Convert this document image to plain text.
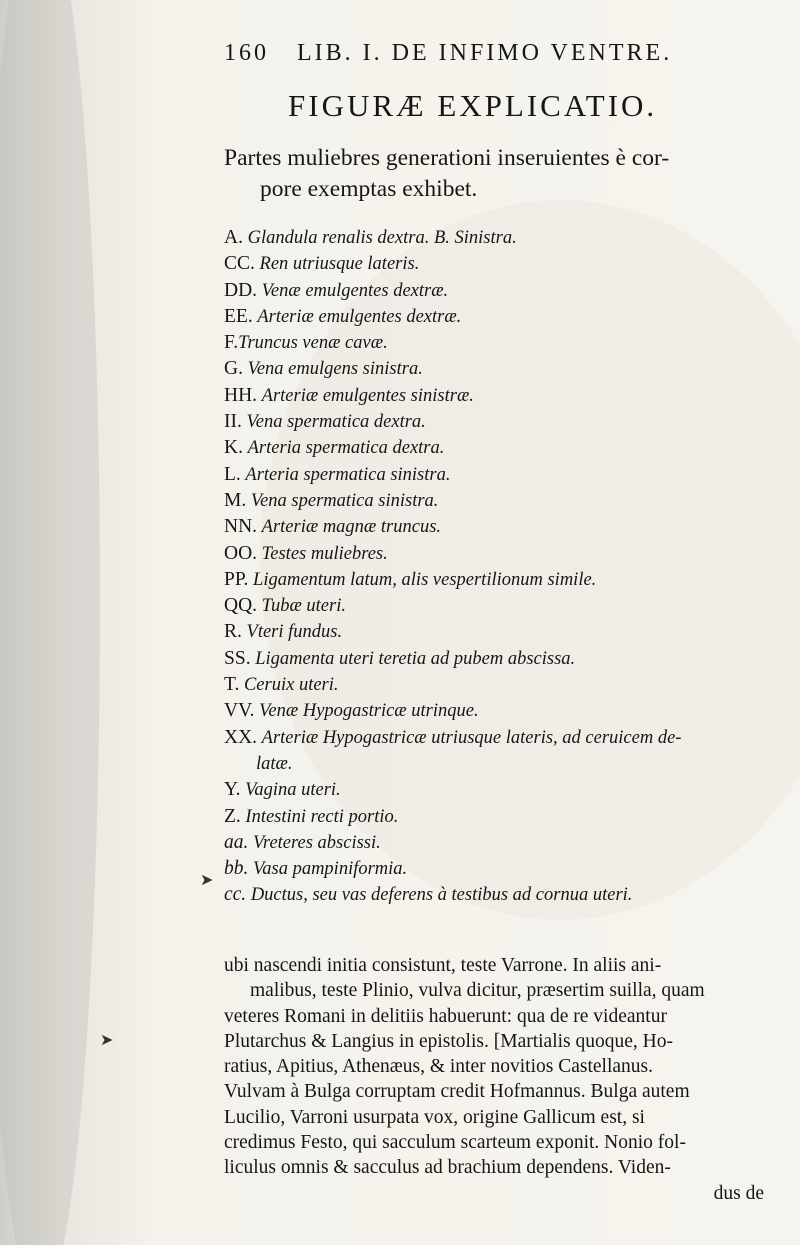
160 LIB. I. DE INFIMO VENTRE.
FIGURÆ EXPLICATIO.
Partes muliebres generationi inseruientes è cor-
pore exemptas exhibet.
A. Glandula renalis dextra. B. Sinistra.
CC. Ren utriusque lateris.
DD. Venæ emulgentes dextræ.
EE. Arteriæ emulgentes dextræ.
F.Truncus venæ cavæ.
G. Vena emulgens sinistra.
HH. Arteriæ emulgentes sinistræ.
II. Vena spermatica dextra.
K. Arteria spermatica dextra.
L. Arteria spermatica sinistra.
M. Vena spermatica sinistra.
NN. Arteriæ magnæ truncus.
OO. Testes muliebres.
PP. Ligamentum latum, alis vespertilionum simile.
QQ. Tubæ uteri.
R. Vteri fundus.
SS. Ligamenta uteri teretia ad pubem abscissa.
T. Ceruix uteri.
VV. Venæ Hypogastricæ utrinque.
XX. Arteriæ Hypogastricæ utriusque lateris, ad ceruicem de-
latæ.
Y. Vagina uteri.
Z. Intestini recti portio.
aa. Vreteres abscissi.
bb. Vasa pampiniformia.
cc. Ductus, seu vas deferens à testibus ad cornua uteri.
ubi nascendi initia consistunt, teste Varrone. In aliis ani-
malibus, teste Plinio, vulva dicitur, præsertim suilla, quam
veteres Romani in delitiis habuerunt: qua de re videantur
Plutarchus & Langius in epistolis. [Martialis quoque, Ho-
ratius, Apitius, Athenæus, & inter novitios Castellanus.
Vulvam à Bulga corruptam credit Hofmannus. Bulga autem
Lucilio, Varroni usurpata vox, origine Gallicum est, si
credimus Festo, qui sacculum scarteum exponit. Nonio fol-
liculus omnis & sacculus ad brachium dependens. Viden-
dus de
➤
➤
